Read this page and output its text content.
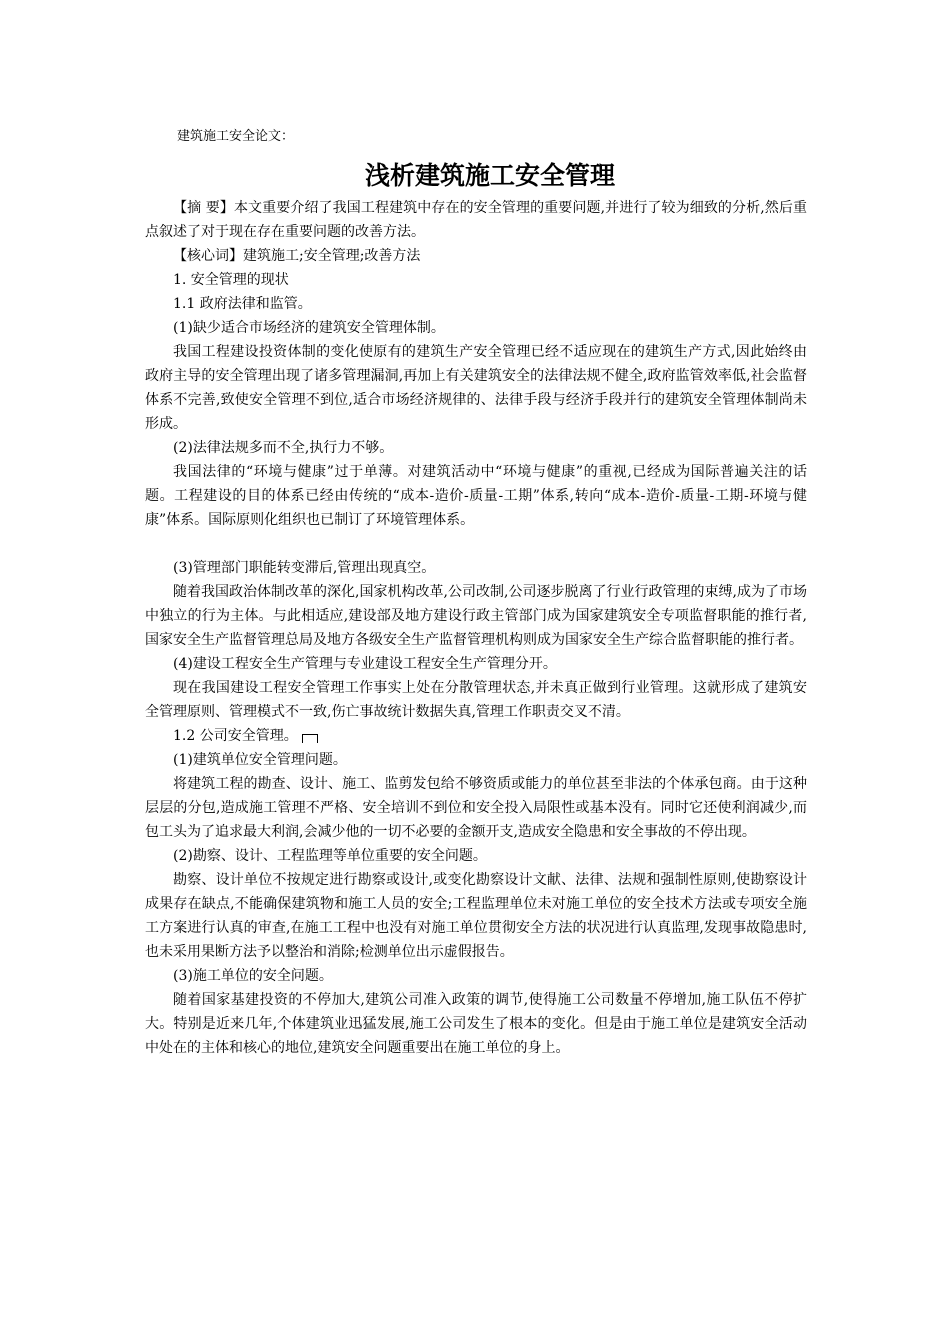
建筑施工安全论文：

浅析建筑施工安全管理

【摘 要】本文重要介绍了我国工程建筑中存在的安全管理的重要问题,并进行了较为细致的分析,然后重点叙述了对于现在存在重要问题的改善方法。

【核心词】建筑施工;安全管理;改善方法

1. 安全管理的现状

1.1 政府法律和监管。

(1)缺少适合市场经济的建筑安全管理体制。

我国工程建设投资体制的变化使原有的建筑生产安全管理已经不适应现在的建筑生产方式,因此始终由政府主导的安全管理出现了诸多管理漏洞,再加上有关建筑安全的法律法规不健全,政府监管效率低,社会监督体系不完善,致使安全管理不到位,适合市场经济规律的、法律手段与经济手段并行的建筑安全管理体制尚未形成。

(2)法律法规多而不全,执行力不够。

我国法律的“环境与健康”过于单薄。对建筑活动中“环境与健康”的重视,已经成为国际普遍关注的话题。工程建设的目的体系已经由传统的“成本-造价-质量-工期”体系,转向“成本-造价-质量-工期-环境与健康”体系。国际原则化组织也已制订了环境管理体系。

(3)管理部门职能转变滞后,管理出现真空。

随着我国政治体制改革的深化,国家机构改革,公司改制,公司逐步脱离了行业行政管理的束缚,成为了市场中独立的行为主体。与此相适应,建设部及地方建设行政主管部门成为国家建筑安全专项监督职能的推行者,国家安全生产监督管理总局及地方各级安全生产监督管理机构则成为国家安全生产综合监督职能的推行者。

(4)建设工程安全生产管理与专业建设工程安全生产管理分开。

现在我国建设工程安全管理工作事实上处在分散管理状态,并未真正做到行业管理。这就形成了建筑安全管理原则、管理模式不一致,伤亡事故统计数据失真,管理工作职责交叉不清。

1.2 公司安全管理。

(1)建筑单位安全管理问题。

将建筑工程的勘查、设计、施工、监剪发包给不够资质或能力的单位甚至非法的个体承包商。由于这种层层的分包,造成施工管理不严格、安全培训不到位和安全投入局限性或基本没有。同时它还使利润减少,而包工头为了追求最大利润,会减少他的一切不必要的金额开支,造成安全隐患和安全事故的不停出现。

(2)勘察、设计、工程监理等单位重要的安全问题。

勘察、设计单位不按规定进行勘察或设计,或变化勘察设计文献、法律、法规和强制性原则,使勘察设计成果存在缺点,不能确保建筑物和施工人员的安全;工程监理单位未对施工单位的安全技术方法或专项安全施工方案进行认真的审查,在施工工程中也没有对施工单位贯彻安全方法的状况进行认真监理,发现事故隐患时,也未采用果断方法予以整治和消除;检测单位出示虚假报告。

(3)施工单位的安全问题。

随着国家基建投资的不停加大,建筑公司准入政策的调节,使得施工公司数量不停增加,施工队伍不停扩大。特别是近来几年,个体建筑业迅猛发展,施工公司发生了根本的变化。但是由于施工单位是建筑安全活动中处在的主体和核心的地位,建筑安全问题重要出在施工单位的身上。
